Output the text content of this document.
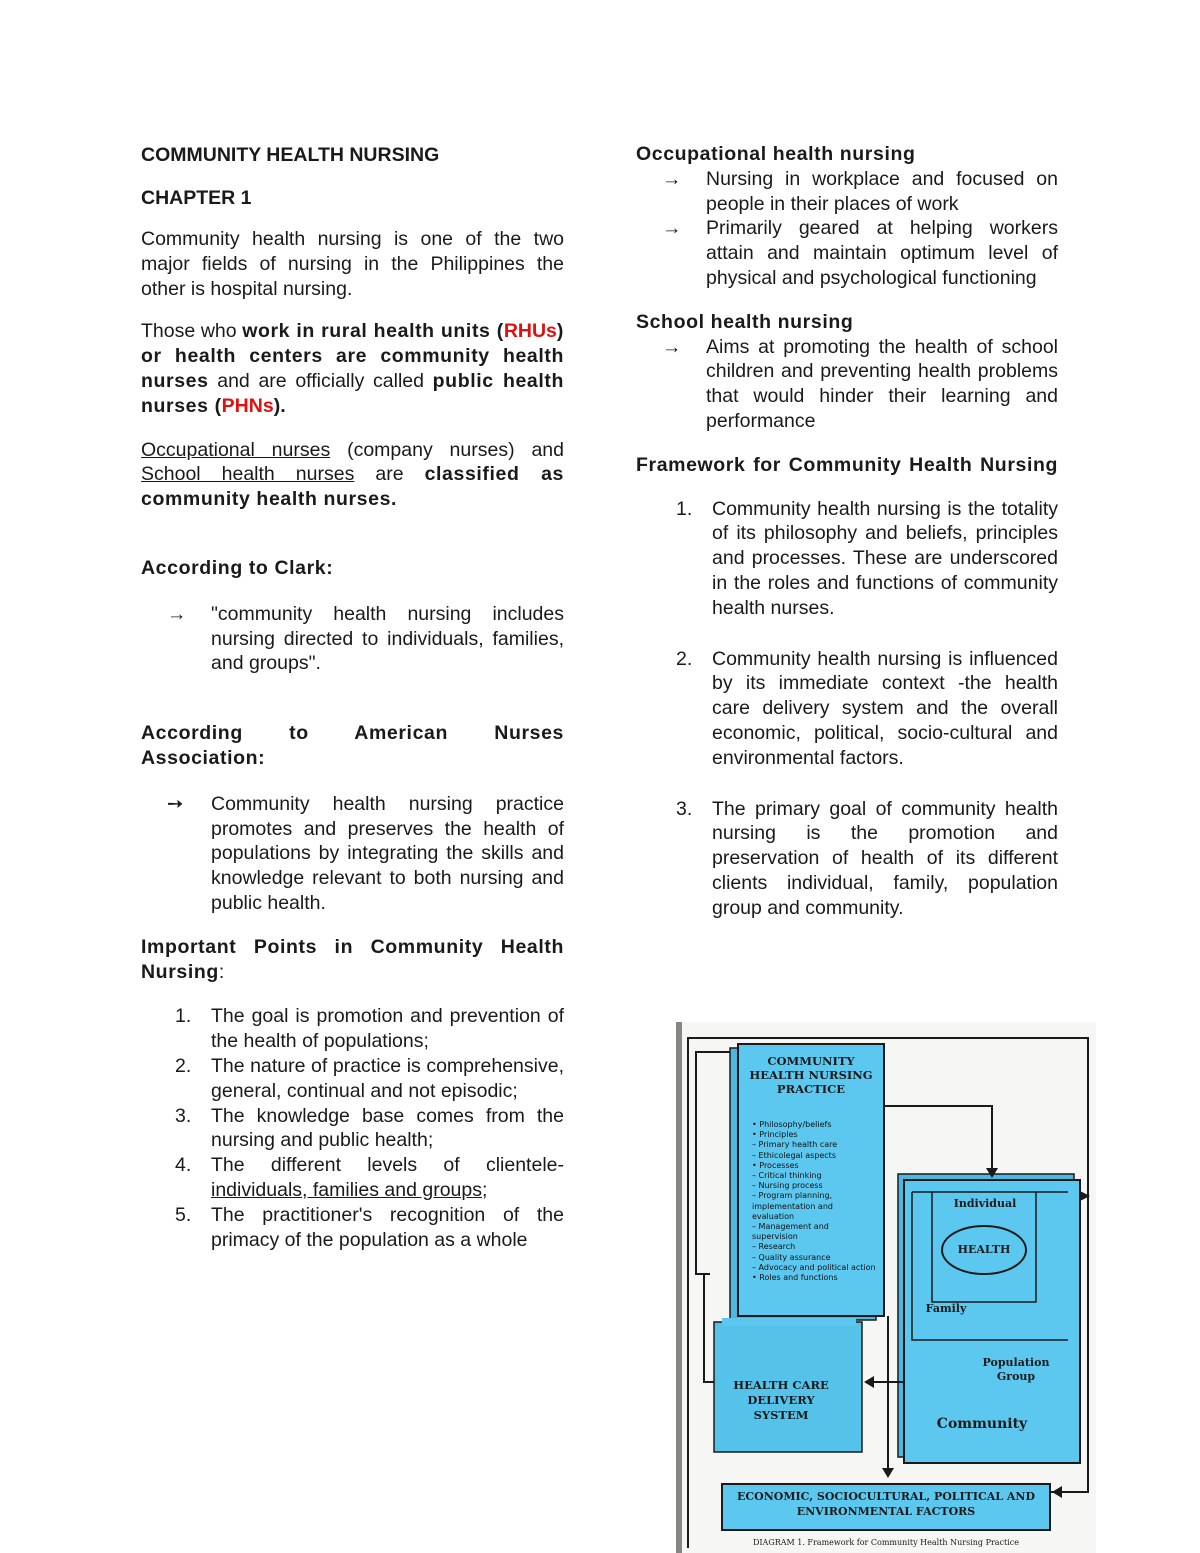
COMMUNITY HEALTH NURSING

CHAPTER 1

Community health nursing is one of the two major fields of nursing in the Philippines the other is hospital nursing.

Those who work in rural health units (RHUs) or health centers are community health nurses and are officially called public health nurses (PHNs).

Occupational nurses (company nurses) and School health nurses are classified as community health nurses.

According to Clark:

→ "community health nursing includes nursing directed to individuals, families, and groups".

According to American Nurses Association:

➙ Community health nursing practice promotes and preserves the health of populations by integrating the skills and knowledge relevant to both nursing and public health.

Important Points in Community Health Nursing:

1. The goal is promotion and prevention of the health of populations;
2. The nature of practice is comprehensive, general, continual and not episodic;
3. The knowledge base comes from the nursing and public health;
4. The different levels of clientele- individuals, families and groups;
5. The practitioner's recognition of the primacy of the population as a whole

Occupational health nursing

→ Nursing in workplace and focused on people in their places of work
→ Primarily geared at helping workers attain and maintain optimum level of physical and psychological functioning

School health nursing

→ Aims at promoting the health of school children and preventing health problems that would hinder their learning and performance

Framework for Community Health Nursing

1. Community health nursing is the totality of its philosophy and beliefs, principles and processes. These are underscored in the roles and functions of community health nurses.
2. Community health nursing is influenced by its immediate context -the health care delivery system and the overall economic, political, socio-cultural and environmental factors.
3. The primary goal of community health nursing is the promotion and preservation of health of its different clients individual, family, population group and community.
COMMUNITY HEALTH NURSING PRACTICE
• Philosophy/beliefs
• Principles
– Primary health care
– Ethicolegal aspects
• Processes
– Critical thinking
– Nursing process
– Program planning, implementation and evaluation
– Management and supervision
– Research
– Quality assurance
– Advocacy and political action
• Roles and functions
HEALTH CARE DELIVERY SYSTEM
Individual
HEALTH
Family
Population Group
Community
ECONOMIC, SOCIOCULTURAL, POLITICAL AND ENVIRONMENTAL FACTORS
DIAGRAM 1. Framework for Community Health Nursing Practice
